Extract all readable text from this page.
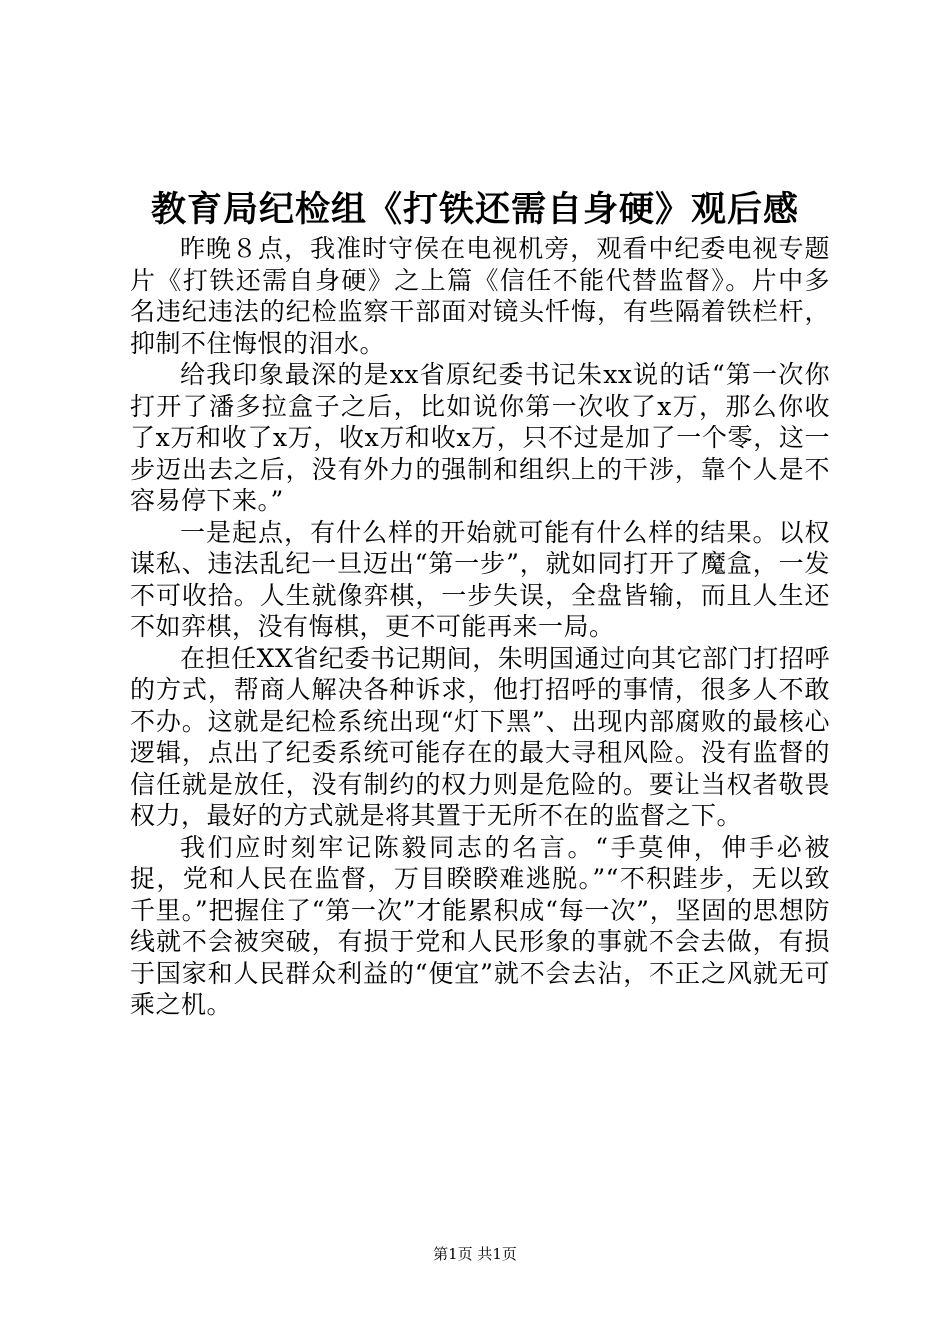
教育局纪检组《打铁还需自身硬》观后感

昨晚８点，我准时守侯在电视机旁，观看中纪委电视专题片《打铁还需自身硬》之上篇《信任不能代替监督》。片中多名违纪违法的纪检监察干部面对镜头忏悔，有些隔着铁栏杆，抑制不住悔恨的泪水。

给我印象最深的是xx省原纪委书记朱xx说的话“第一次你打开了潘多拉盒子之后，比如说你第一次收了x万，那么你收了x万和收了x万，收x万和收x万，只不过是加了一个零，这一步迈出去之后，没有外力的强制和组织上的干涉，靠个人是不容易停下来。”

一是起点，有什么样的开始就可能有什么样的结果。以权谋私、违法乱纪一旦迈出“第一步”，就如同打开了魔盒，一发不可收拾。人生就像弈棋，一步失误，全盘皆输，而且人生还不如弈棋，没有悔棋，更不可能再来一局。

在担任XX省纪委书记期间，朱明国通过向其它部门打招呼的方式，帮商人解决各种诉求，他打招呼的事情，很多人不敢不办。这就是纪检系统出现“灯下黑”、出现内部腐败的最核心逻辑，点出了纪委系统可能存在的最大寻租风险。没有监督的信任就是放任，没有制约的权力则是危险的。要让当权者敬畏权力，最好的方式就是将其置于无所不在的监督之下。

我们应时刻牢记陈毅同志的名言。“手莫伸，伸手必被捉，党和人民在监督，万目睽睽难逃脱。”“不积跬步，无以致千里。”把握住了“第一次”才能累积成“每一次”，坚固的思想防线就不会被突破，有损于党和人民形象的事就不会去做，有损于国家和人民群众利益的“便宜”就不会去沾，不正之风就无可乘之机。

第1页 共1页
